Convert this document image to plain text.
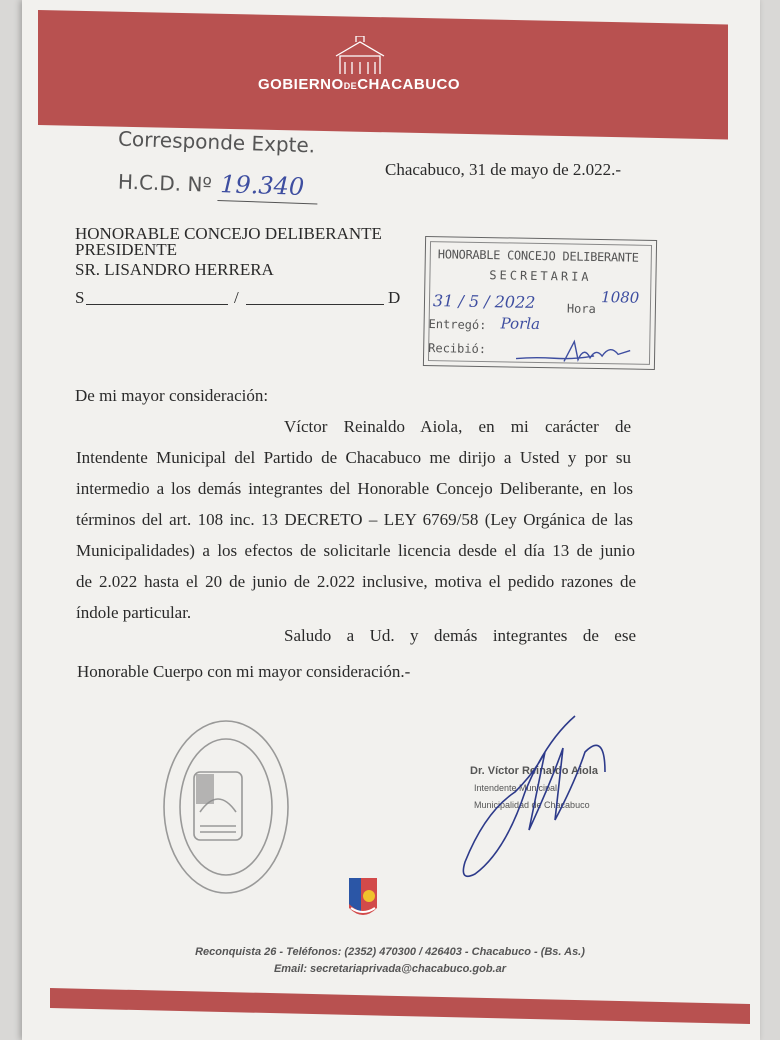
GOBIERNODECHACABUCO
Corresponde Expte.
H.C.D. Nº 19.340
Chacabuco, 31 de mayo de 2.022.-
HONORABLE CONCEJO DELIBERANTE
PRESIDENTE
SR. LISANDRO HERRERA
S	/	D
HONORABLE CONCEJO DELIBERANTE
SECRETARIA
31 / 5 / 2022	Hora
1080
Entregó: Porla
Recibió:
De mi mayor consideración:
Víctor Reinaldo Aiola, en mi carácter de
Intendente Municipal del Partido de Chacabuco me dirijo a Usted y por su
intermedio a los demás integrantes del Honorable Concejo Deliberante, en los
términos del art. 108 inc. 13 DECRETO – LEY 6769/58 (Ley Orgánica de las
Municipalidades) a los efectos de solicitarle licencia desde el día 13 de junio
de 2.022 hasta el 20 de junio de 2.022 inclusive, motiva el pedido razones de
índole particular.
Saludo a Ud. y demás integrantes de ese
Honorable Cuerpo con mi mayor consideración.-
Dr. Víctor Reinaldo Aiola
Intendente Municipal
Municipalidad de Chacabuco
Reconquista 26 - Teléfonos: (2352) 470300 / 426403 - Chacabuco - (Bs. As.)
Email: secretariaprivada@chacabuco.gob.ar
